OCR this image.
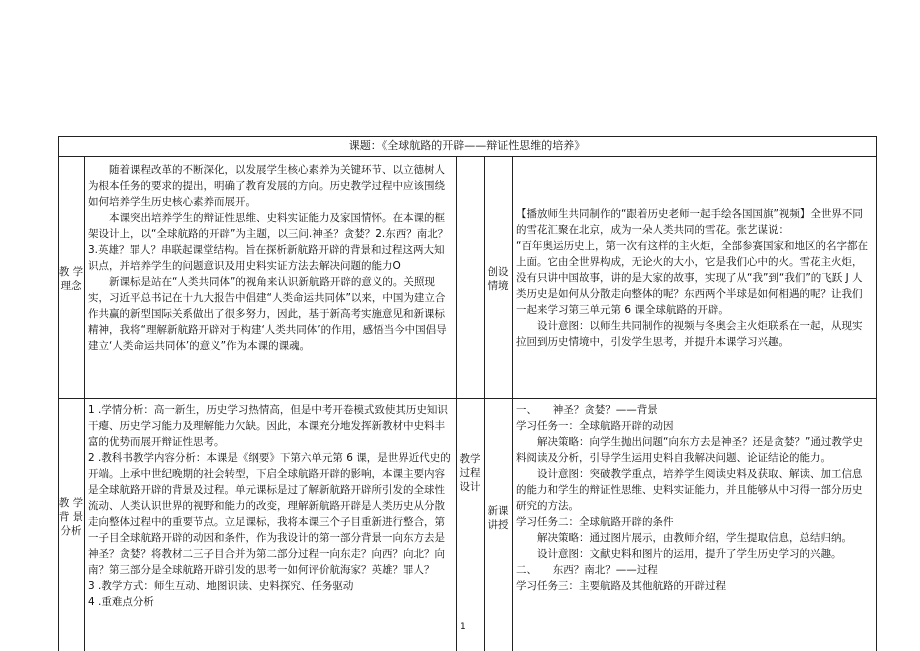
课题：《全球航路的开辟——辩证性思维的培养》
教 学
理念

随着课程改革的不断深化，以发展学生核心素养为关键环节、以立德树人为根本任务的要求的提出，明确了教育发展的方向。历史教学过程中应该围绕如何培养学生历史核心素养而展开。

本课突出培养学生的辩证性思维、史料实证能力及家国情怀。在本课的框架设计上，以“全球航路的开辟”为主题，以三问.神圣？贪婪？2.东西？南北？3.英雄？罪人？串联起课堂结构。旨在探析新航路开辟的背景和过程这两大知识点，并培养学生的问题意识及用史料实证方法去解决问题的能力O

新课标是站在“人类共同体”的视角来认识新航路开辟的意义的。关照现实，习近平总书记在十九大报告中倡建“人类命运共同体”以来，中国为建立合作共赢的新型国际关系做出了很多努力，因此，基于新高考实施意见和新课标精神，我将“理解新航路开辟对于构建‘人类共同体’的作用，感悟当今中国倡导建立‘人类命运共同体’的意义”作为本课的课魂。

创设
情境

【播放师生共同制作的“跟着历史老师一起手绘各国国旗”视频】全世界不同的雪花汇聚在北京，成为一朵人类共同的雪花。张艺谋说：

“百年奥运历史上，第一次有这样的主火炬，全部参赛国家和地区的名字都在上面。它由全世界构成，无论火的大小，它是我们心中的火。雪花主火炬，没有只讲中国故事，讲的是大家的故事，实现了从“我”到“我们”的飞跃 J 人类历史是如何从分散走向整体的呢？东西两个半球是如何相遇的呢？让我们一起来学习第三单元第 6 课全球航路的开辟。

设计意图：以师生共同制作的视频与冬奥会主火炬联系在一起，从现实拉回到历史情境中，引发学生思考，并提升本课学习兴趣。

教 学
背 景
分析

1 .学情分析：高一新生，历史学习热情高，但是中考开卷模式致使其历史知识干瘪、历史学习能力及理解能力欠缺。因此，本课充分地发挥新教材中史料丰富的优势而展开辩证性思考。

2 .教科书教学内容分析：本课是《纲要》下第六单元第 6 课，是世界近代史的开端。上承中世纪晚期的社会转型，下启全球航路开辟的影响，本课主要内容是全球航路开辟的背景及过程。单元课标是过了解新航路开辟所引发的全球性流动、人类认识世界的视野和能力的改变，理解新航路开辟是人类历史从分散走向整体过程中的重要节点。立足课标，我将本课三个子目重新进行整合，第一子目全球航路开辟的动因和条件，作为我设计的第一部分背景一向东方去是神圣？贪婪？将教材二三子目合并为第二部分过程一向东走？向西？向北？向南？第三部分是全球航路开辟引发的思考一如何评价航海家？英雄？罪人？

3 .教学方式：师生互动、地图识读、史料探究、任务驱动

4 .重难点分析

教学
过程
设计
新课
讲授

一、　　神圣？贪婪？——背景

学习任务一：全球航路开辟的动因

解决策略：向学生抛出问题“向东方去是神圣？还是贪婪？”通过教学史料阅读及分析，引导学生运用史料自我解决问题、论证结论的能力。

设计意图：突破教学重点，培养学生阅读史料及获取、解读、加工信息的能力和学生的辩证性思维、史料实证能力，并且能够从中习得一部分历史研究的方法。

学习任务二：全球航路开辟的条件

解决策略：通过图片展示，由教师介绍，学生提取信息，总结归纳。

设计意图：文献史料和图片的运用，提升了学生历史学习的兴趣。

二、　　东西？南北？——过程

学习任务三：主要航路及其他航路的开辟过程

1
